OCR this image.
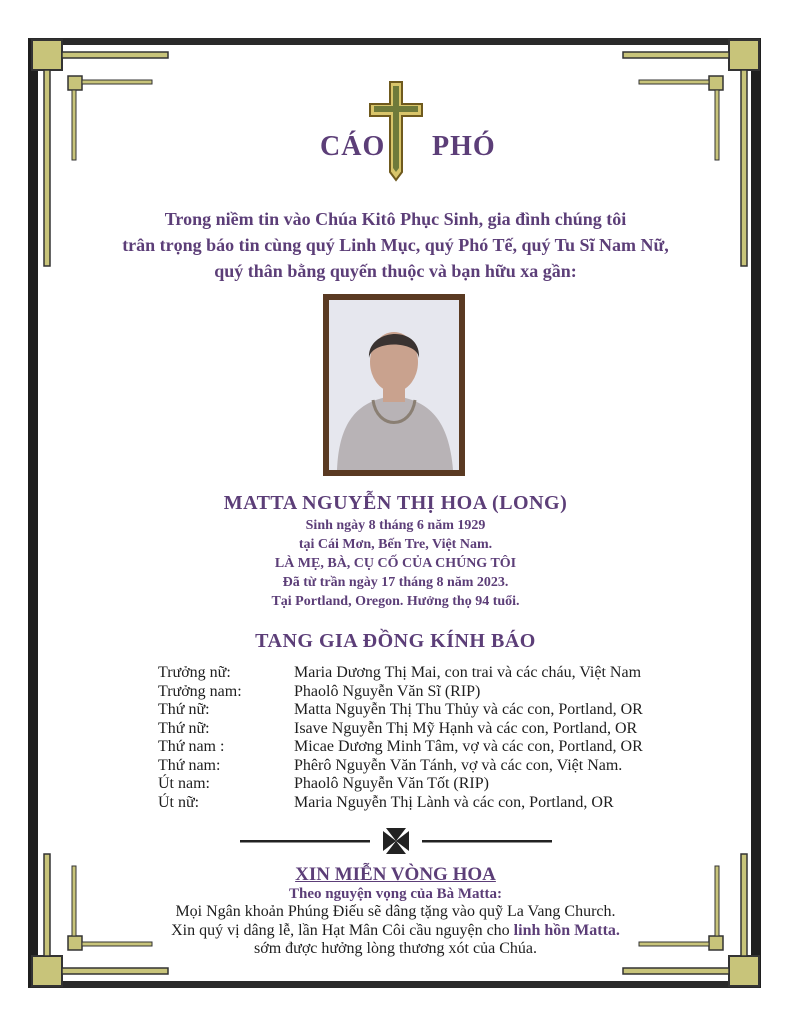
CÁO PHÓ
Trong niềm tin vào Chúa Kitô Phục Sinh, gia đình chúng tôi
trân trọng báo tin cùng quý Linh Mục, quý Phó Tế, quý Tu Sĩ Nam Nữ,
quý thân bằng quyến thuộc và bạn hữu xa gần:
MATTA NGUYỄN THỊ HOA (LONG)
Sinh ngày 8 tháng 6 năm 1929
tại Cái Mơn, Bến Tre, Việt Nam.
LÀ MẸ, BÀ, CỤ CỐ CỦA CHÚNG TÔI
Đã từ trần ngày 17 tháng 8 năm 2023.
Tại Portland, Oregon. Hưởng thọ 94 tuổi.
TANG GIA ĐỒNG KÍNH BÁO
Trưởng nữ:	Maria Dương Thị Mai, con trai và các cháu, Việt Nam
Trưởng nam:	Phaolô Nguyễn Văn Sĩ (RIP)
Thứ nữ:	Matta Nguyễn Thị Thu Thủy và các con, Portland, OR
Thứ nữ:	Isave Nguyễn Thị Mỹ Hạnh và các con, Portland, OR
Thứ nam :	Micae Dương Minh Tâm, vợ và các con, Portland, OR
Thứ nam:	Phêrô Nguyễn Văn Tánh, vợ và các con, Việt Nam.
Út nam:	Phaolô Nguyễn Văn Tốt (RIP)
Út nữ:	Maria Nguyễn Thị Lành và các con, Portland, OR
XIN MIỄN VÒNG HOA
Theo nguyện vọng của Bà Matta:
Mọi Ngân khoản Phúng Điếu sẽ dâng tặng vào quỹ La Vang Church.
Xin quý vị dâng lễ, lần Hạt Mân Côi cầu nguyện cho linh hồn Matta.
sớm được hưởng lòng thương xót của Chúa.
